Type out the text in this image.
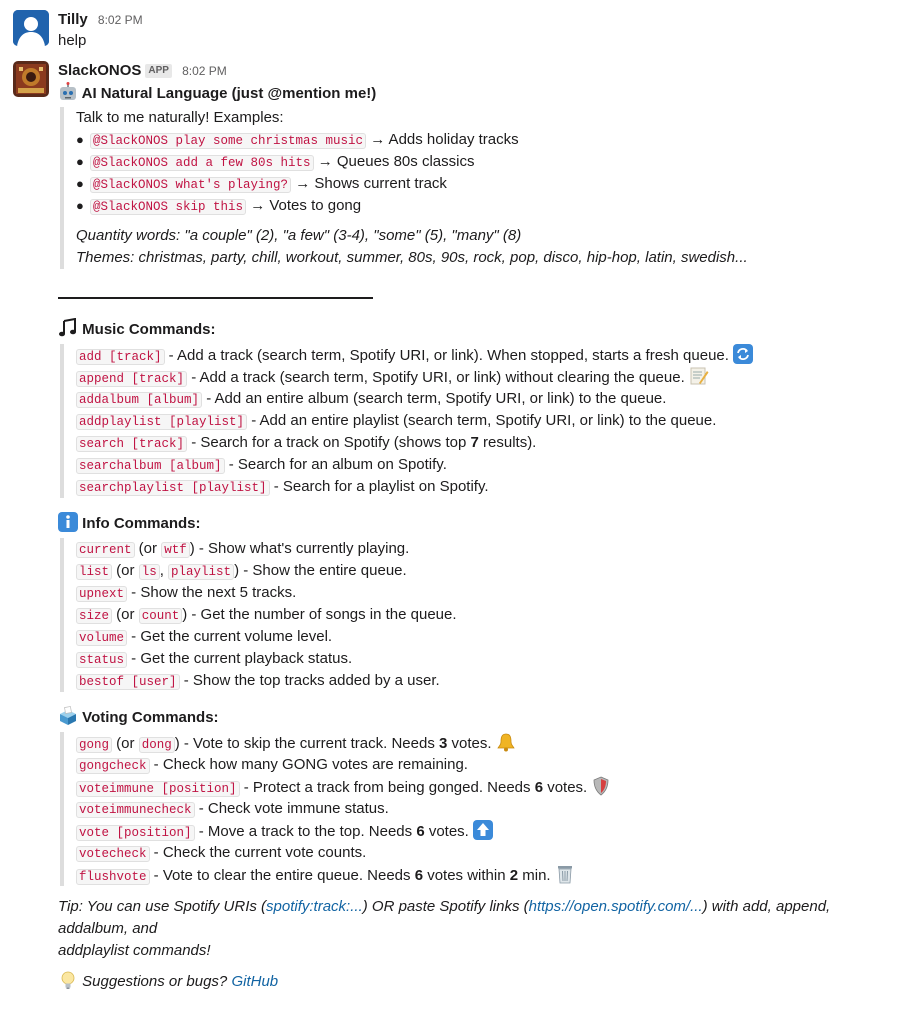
Tilly 8:02 PM
help
SlackONOS APP 8:02 PM
AI Natural Language (just @mention me!)
Talk to me naturally! Examples:
● @SlackONOS play some christmas music → Adds holiday tracks
● @SlackONOS add a few 80s hits → Queues 80s classics
● @SlackONOS what's playing? → Shows current track
● @SlackONOS skip this → Votes to gong
Quantity words: "a couple" (2), "a few" (3-4), "some" (5), "many" (8)
Themes: christmas, party, chill, workout, summer, 80s, 90s, rock, pop, disco, hip-hop, latin, swedish...
Music Commands:
add [track] - Add a track (search term, Spotify URI, or link). When stopped, starts a fresh queue.
append [track] - Add a track (search term, Spotify URI, or link) without clearing the queue.
addalbum [album] - Add an entire album (search term, Spotify URI, or link) to the queue.
addplaylist [playlist] - Add an entire playlist (search term, Spotify URI, or link) to the queue.
search [track] - Search for a track on Spotify (shows top 7 results).
searchalbum [album] - Search for an album on Spotify.
searchplaylist [playlist] - Search for a playlist on Spotify.
Info Commands:
current (or wtf ) - Show what's currently playing.
list (or ls , playlist ) - Show the entire queue.
upnext - Show the next 5 tracks.
size (or count ) - Get the number of songs in the queue.
volume - Get the current volume level.
status - Get the current playback status.
bestof [user] - Show the top tracks added by a user.
Voting Commands:
gong (or dong ) - Vote to skip the current track. Needs 3 votes.
gongcheck - Check how many GONG votes are remaining.
voteimmune [position] - Protect a track from being gonged. Needs 6 votes.
voteimmunecheck - Check vote immune status.
vote [position] - Move a track to the top. Needs 6 votes.
votecheck - Check the current vote counts.
flushvote - Vote to clear the entire queue. Needs 6 votes within 2 min.
Tip: You can use Spotify URIs (spotify:track:...) OR paste Spotify links (https://open.spotify.com/...) with add, append, addalbum, and
addplaylist commands!
Suggestions or bugs? GitHub
